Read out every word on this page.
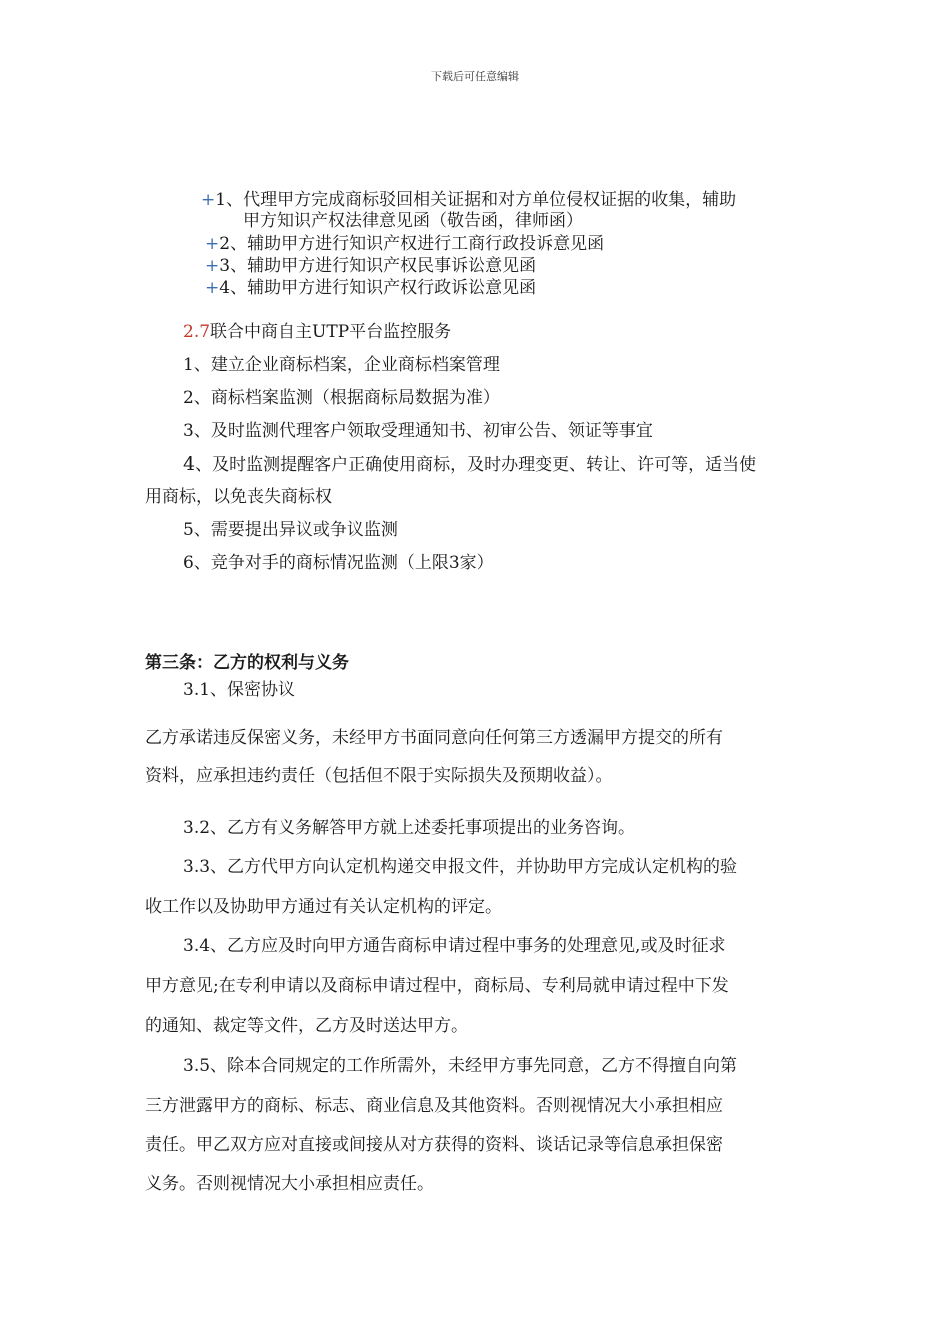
下载后可任意编辑
+1、代理甲方完成商标驳回相关证据和对方单位侵权证据的收集，辅助
甲方知识产权法律意见函（敬告函，律师函）
+2、辅助甲方进行知识产权进行工商行政投诉意见函
+3、辅助甲方进行知识产权民事诉讼意见函
+4、辅助甲方进行知识产权行政诉讼意见函
2.7联合中商自主UTP平台监控服务
1、建立企业商标档案，企业商标档案管理
2、商标档案监测（根据商标局数据为准）
3、及时监测代理客户领取受理通知书、初审公告、领证等事宜
4、及时监测提醒客户正确使用商标，及时办理变更、转让、许可等，适当使
用商标，以免丧失商标权
5、需要提出异议或争议监测
6、竞争对手的商标情况监测（上限3家）
第三条：乙方的权利与义务
3.1、保密协议
乙方承诺违反保密义务，未经甲方书面同意向任何第三方透漏甲方提交的所有
资料，应承担违约责任（包括但不限于实际损失及预期收益）。
3.2、乙方有义务解答甲方就上述委托事项提出的业务咨询。
3.3、乙方代甲方向认定机构递交申报文件，并协助甲方完成认定机构的验
收工作以及协助甲方通过有关认定机构的评定。
3.4、乙方应及时向甲方通告商标申请过程中事务的处理意见,或及时征求
甲方意见;在专利申请以及商标申请过程中，商标局、专利局就申请过程中下发
的通知、裁定等文件，乙方及时送达甲方。
3.5、除本合同规定的工作所需外，未经甲方事先同意，乙方不得擅自向第
三方泄露甲方的商标、标志、商业信息及其他资料。否则视情况大小承担相应
责任。甲乙双方应对直接或间接从对方获得的资料、谈话记录等信息承担保密
义务。否则视情况大小承担相应责任。
